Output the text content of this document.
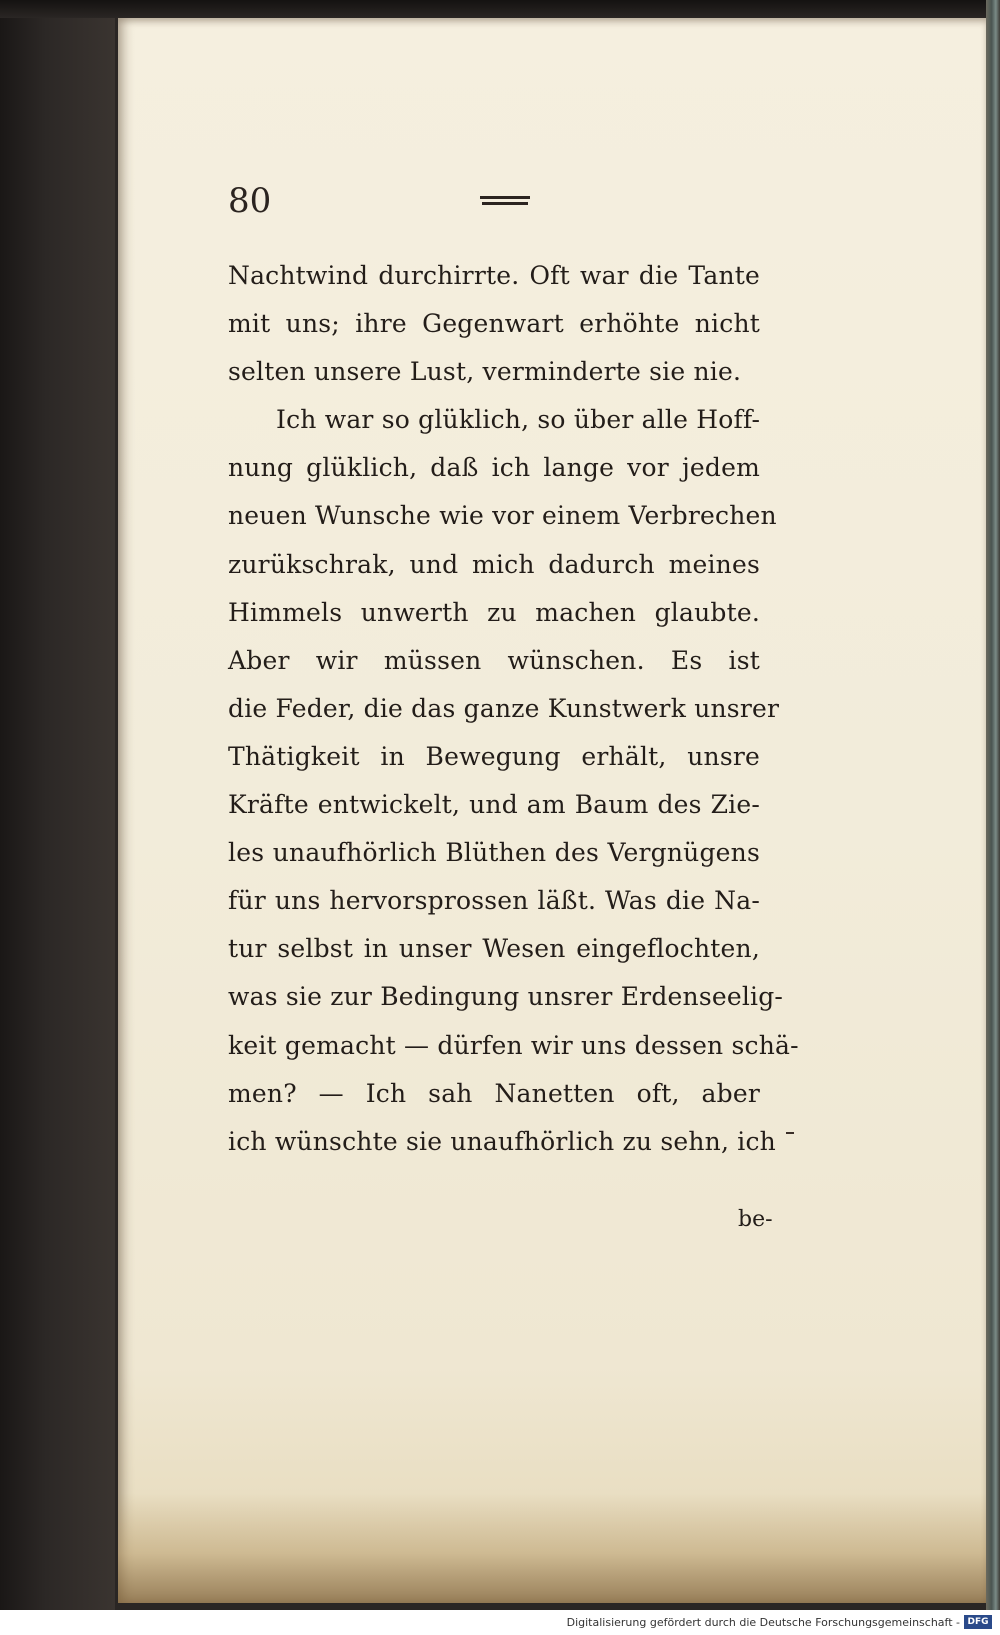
80
Nachtwind durchirrte. Oft war die Tante
mit uns; ihre Gegenwart erhöhte nicht
selten unsere Lust, verminderte sie nie.
Ich war so glüklich, so über alle Hoff-
nung glüklich, daß ich lange vor jedem
neuen Wunsche wie vor einem Verbrechen
zurükschrak, und mich dadurch meines
Himmels unwerth zu machen glaubte.
Aber wir müssen wünschen. Es ist
die Feder, die das ganze Kunstwerk unsrer
Thätigkeit in Bewegung erhält, unsre
Kräfte entwickelt, und am Baum des Zie-
les unaufhörlich Blüthen des Vergnügens
für uns hervorsprossen läßt. Was die Na-
tur selbst in unser Wesen eingeflochten,
was sie zur Bedingung unsrer Erdenseelig-
keit gemacht — dürfen wir uns dessen schä-
men? — Ich sah Nanetten oft, aber
ich wünschte sie unaufhörlich zu sehn, ich
be-
Digitalisierung gefördert durch die Deutsche Forschungsgemeinschaft - DFG
